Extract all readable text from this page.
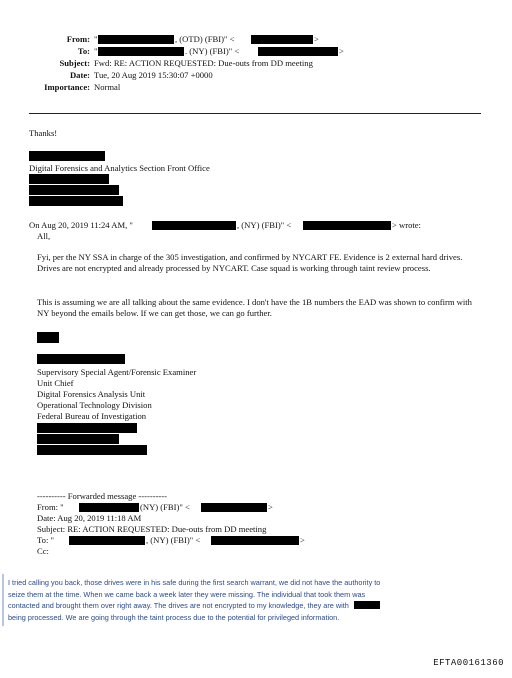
From: "	, (OTD) (FBI)" <	>
To: "	. (NY) (FBI)" <	>
Subject: Fwd: RE: ACTION REQUESTED: Due-outs from DD meeting
Date: Tue, 20 Aug 2019 15:30:07 +0000
Importance: Normal
Thanks!
Digital Forensics and Analytics Section Front Office
On Aug 20, 2019 11:24 AM, "	, (NY) (FBI)" <	> wrote:
All,
Fyi, per the NY SSA in charge of the 305 investigation, and confirmed by NYCART FE. Evidence is 2 external hard drives. Drives are not encrypted and already processed by NYCART. Case squad is working through taint review process.
This is assuming we are all talking about the same evidence. I don't have the 1B numbers the EAD was shown to confirm with NY beyond the emails below. If we can get those, we can go further.
Supervisory Special Agent/Forensic Examiner
Unit Chief
Digital Forensics Analysis Unit
Operational Technology Division
Federal Bureau of Investigation
---------- Forwarded message ----------
From: "	(NY) (FBI)" <	>
Date: Aug 20, 2019 11:18 AM
Subject: RE: ACTION REQUESTED: Due-outs from DD meeting
To: "	, (NY) (FBI)" <	>
Cc:
I tried calling you back, those drives were in his safe during the first search warrant, we did not have the authority to
seize them at the time. When we came back a week later they were missing. The individual that took them was
contacted and brought them over right away. The drives are not encrypted to my knowledge, they are with
being processed. We are going through the taint process due to the potential for privileged information.
EFTA00161360
